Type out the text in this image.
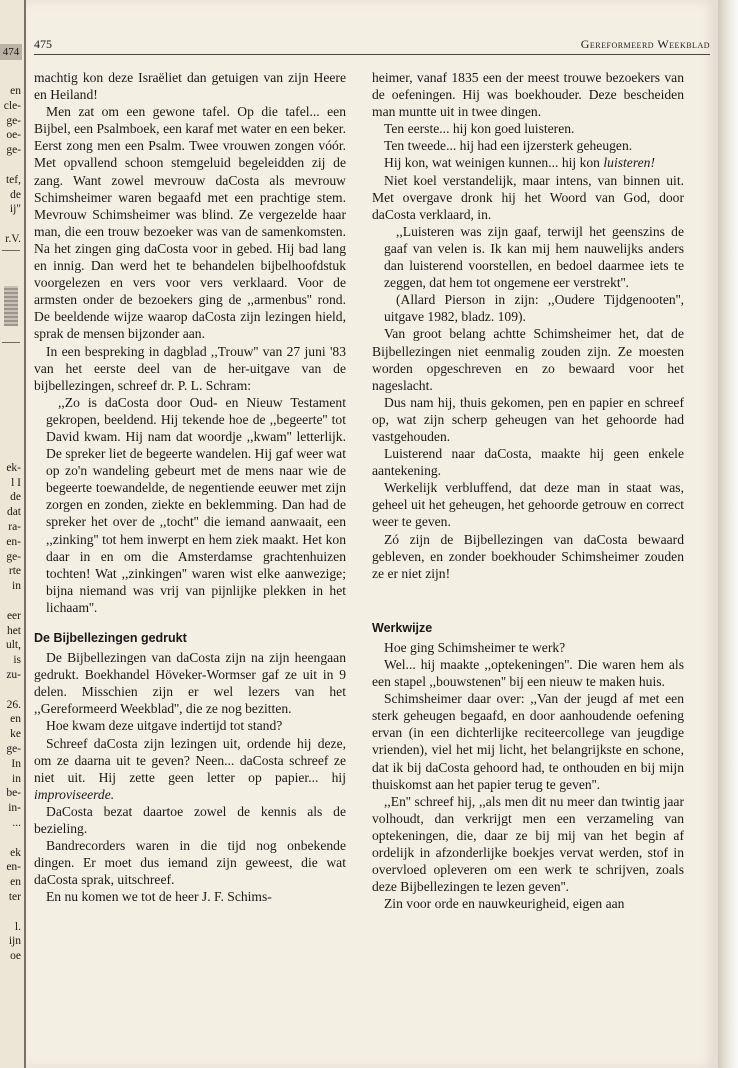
474
en
cle-
ge-
oe-
ge-
tef,
de
ij"
r.V.
ek-
l I
de
dat
ra-
en-
ge-
rte
in
eer
het
ult,
is
zu-
26.
en
ke
ge-
In
in
be-
in-
...
ek
en-
en
ter
l.
ijn
oe
475	Gereformeerd Weekblad

machtig kon deze Israëliet dan getuigen van zijn Heere en Heiland!

Men zat om een gewone tafel. Op die tafel... een Bijbel, een Psalmboek, een karaf met water en een beker. Eerst zong men een Psalm. Twee vrouwen zongen vóór. Met opvallend schoon stemgeluid begeleidden zij de zang. Want zowel mevrouw daCosta als mevrouw Schimsheimer waren begaafd met een prachtige stem. Mevrouw Schimsheimer was blind. Ze vergezelde haar man, die een trouw bezoeker was van de samenkomsten. Na het zingen ging daCosta voor in gebed. Hij bad lang en innig. Dan werd het te behandelen bijbelhoofdstuk voorgelezen en vers voor vers verklaard. Voor de armsten onder de bezoekers ging de ,,armenbus'' rond. De beeldende wijze waarop daCosta zijn lezingen hield, sprak de mensen bijzonder aan.

In een bespreking in dagblad ,,Trouw'' van 27 juni '83 van het eerste deel van de her-uitgave van de bijbellezingen, schreef dr. P. L. Schram:

,,Zo is daCosta door Oud- en Nieuw Testament gekropen, beeldend. Hij tekende hoe de ,,begeerte'' tot David kwam. Hij nam dat woordje ,,kwam'' letterlijk. De spreker liet de begeerte wandelen. Hij gaf weer wat op zo'n wandeling gebeurt met de mens naar wie de begeerte toewandelde, de negentiende eeuwer met zijn zorgen en zonden, ziekte en beklemming. Dan had de spreker het over de ,,tocht'' die iemand aanwaait, een ,,zinking'' tot hem inwerpt en hem ziek maakt. Het kon daar in en om die Amsterdamse grachtenhuizen tochten! Wat ,,zinkingen'' waren wist elke aanwezige; bijna niemand was vrij van pijnlijke plekken in het lichaam''.

De Bijbellezingen gedrukt

De Bijbellezingen van daCosta zijn na zijn heengaan gedrukt. Boekhandel Höveker-Wormser gaf ze uit in 9 delen. Misschien zijn er wel lezers van het ,,Gereformeerd Weekblad'', die ze nog bezitten.

Hoe kwam deze uitgave indertijd tot stand?

Schreef daCosta zijn lezingen uit, ordende hij deze, om ze daarna uit te geven? Neen... daCosta schreef ze niet uit. Hij zette geen letter op papier... hij improviseerde.

DaCosta bezat daartoe zowel de kennis als de bezieling.

Bandrecorders waren in die tijd nog onbekende dingen. Er moet dus iemand zijn geweest, die wat daCosta sprak, uitschreef.

En nu komen we tot de heer J. F. Schims-

heimer, vanaf 1835 een der meest trouwe bezoekers van de oefeningen. Hij was boekhouder. Deze bescheiden man muntte uit in twee dingen.

Ten eerste... hij kon goed luisteren.

Ten tweede... hij had een ijzersterk geheugen.

Hij kon, wat weinigen kunnen... hij kon luisteren!

Niet koel verstandelijk, maar intens, van binnen uit. Met overgave dronk hij het Woord van God, door daCosta verklaard, in.

,,Luisteren was zijn gaaf, terwijl het geenszins de gaaf van velen is. Ik kan mij hem nauwelijks anders dan luisterend voorstellen, en bedoel daarmee iets te zeggen, dat hem tot ongemene eer verstrekt''.

(Allard Pierson in zijn: ,,Oudere Tijdgenooten'', uitgave 1982, bladz. 109).

Van groot belang achtte Schimsheimer het, dat de Bijbellezingen niet eenmalig zouden zijn. Ze moesten worden opgeschreven en zo bewaard voor het nageslacht.

Dus nam hij, thuis gekomen, pen en papier en schreef op, wat zijn scherp geheugen van het gehoorde had vastgehouden.

Luisterend naar daCosta, maakte hij geen enkele aantekening.

Werkelijk verbluffend, dat deze man in staat was, geheel uit het geheugen, het gehoorde getrouw en correct weer te geven.

Zó zijn de Bijbellezingen van daCosta bewaard gebleven, en zonder boekhouder Schimsheimer zouden ze er niet zijn!

Werkwijze

Hoe ging Schimsheimer te werk?

Wel... hij maakte ,,optekeningen''. Die waren hem als een stapel ,,bouwstenen'' bij een nieuw te maken huis.

Schimsheimer daar over: ,,Van der jeugd af met een sterk geheugen begaafd, en door aanhoudende oefening ervan (in een dichterlijke reciteercollege van jeugdige vrienden), viel het mij licht, het belangrijkste en schone, dat ik bij daCosta gehoord had, te onthouden en bij mijn thuiskomst aan het papier terug te geven''.

,,En'' schreef hij, ,,als men dit nu meer dan twintig jaar volhoudt, dan verkrijgt men een verzameling van optekeningen, die, daar ze bij mij van het begin af ordelijk in afzonderlijke boekjes vervat werden, stof in overvloed opleveren om een werk te schrijven, zoals deze Bijbellezingen te lezen geven''.

Zin voor orde en nauwkeurigheid, eigen aan
